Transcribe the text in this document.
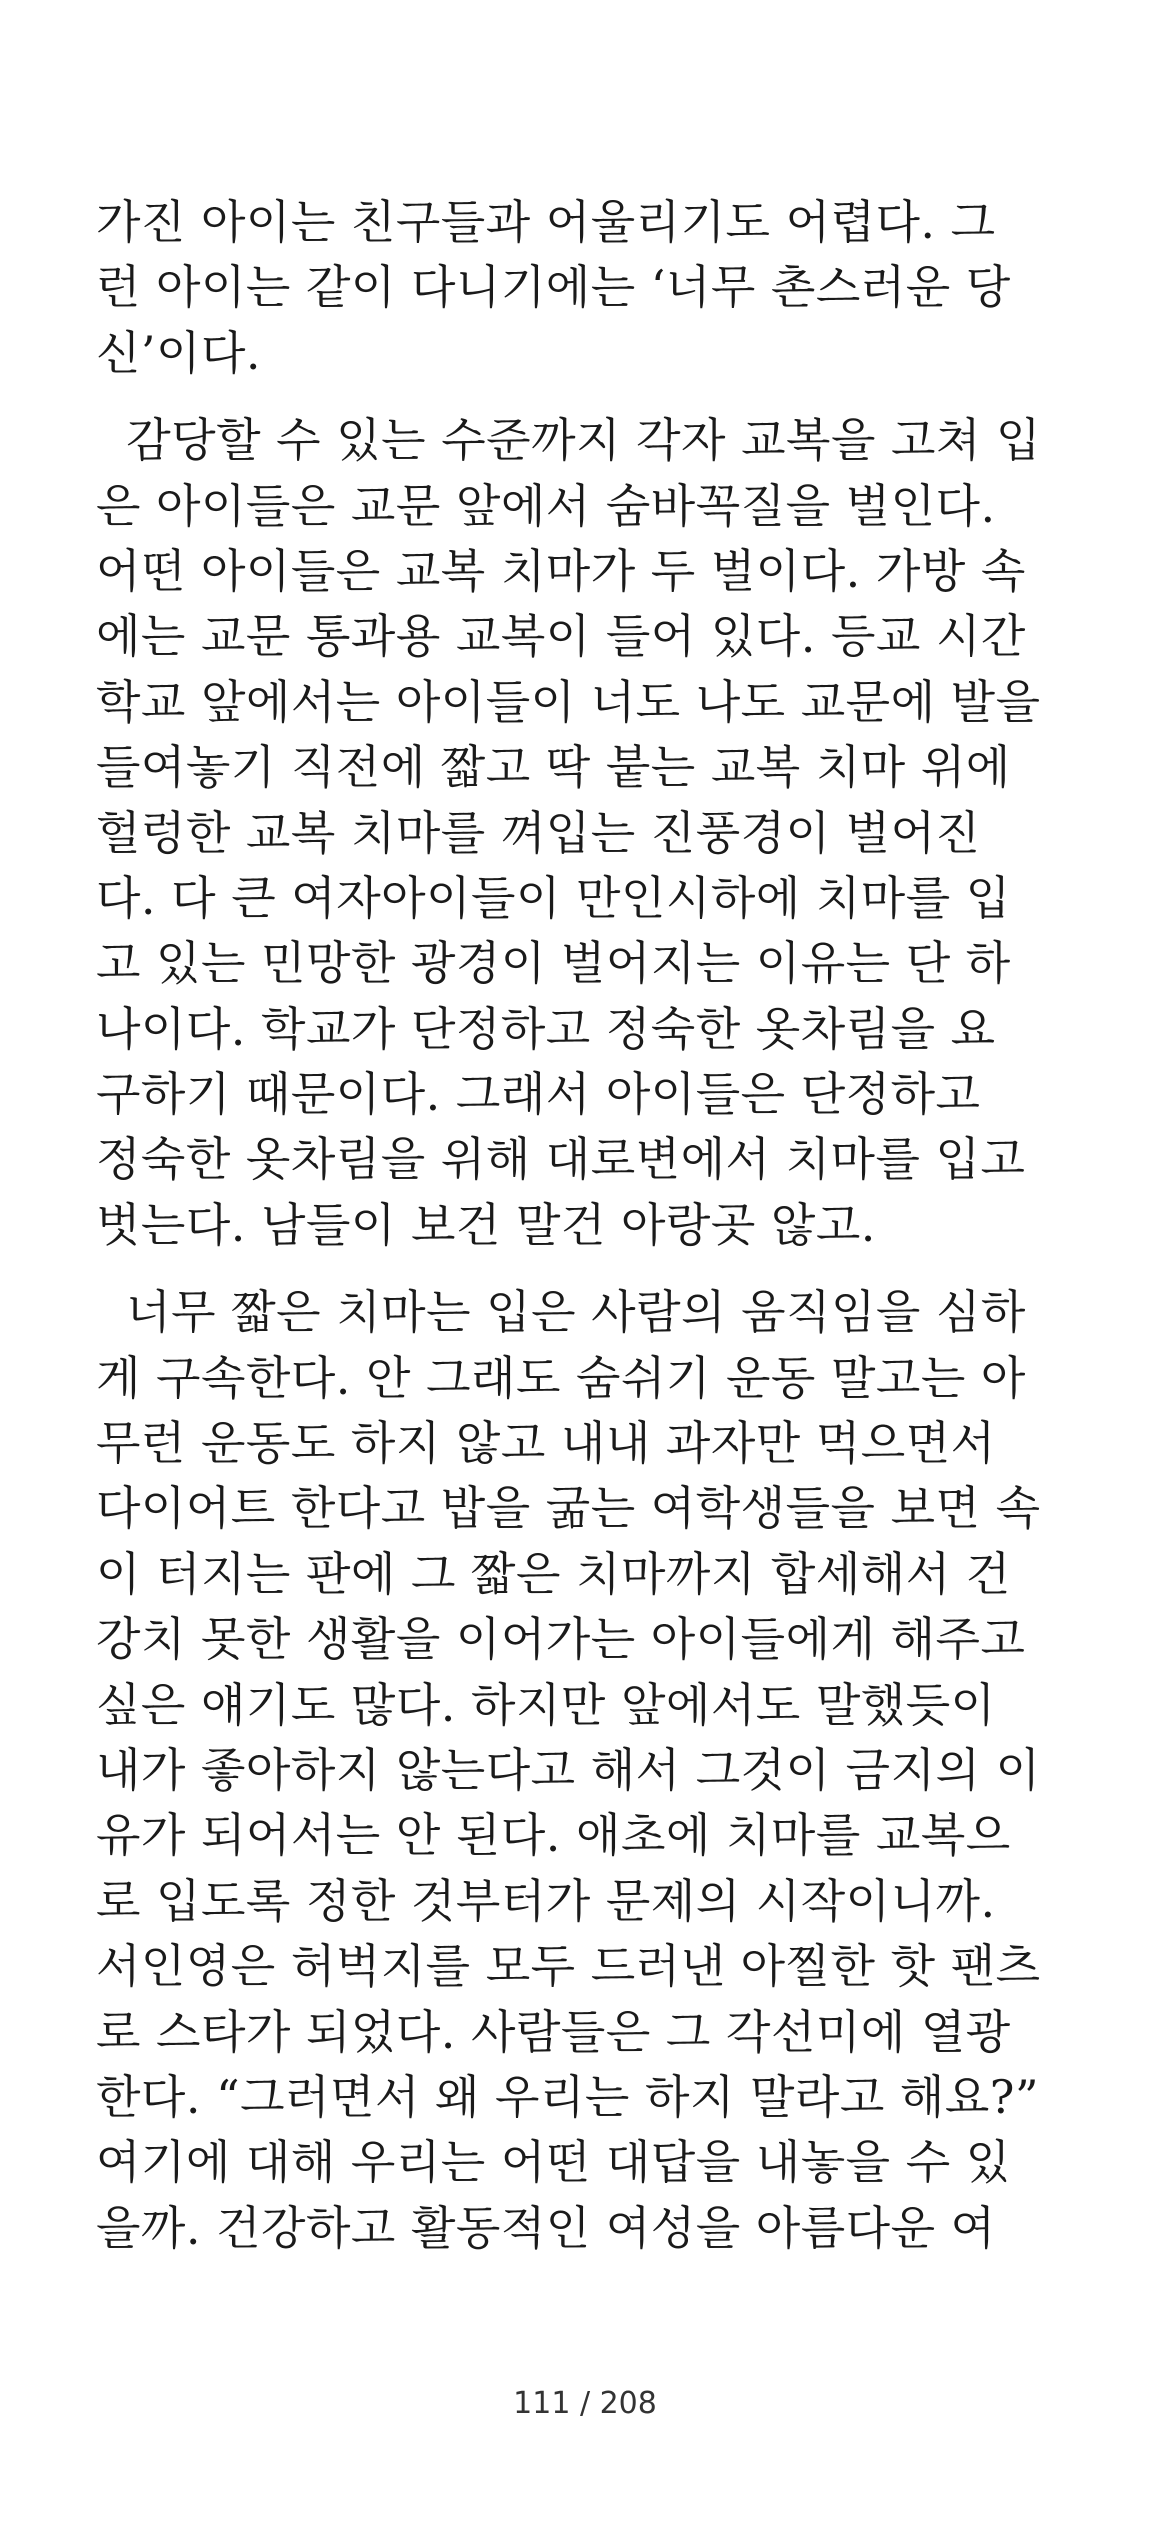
가진 아이는 친구들과 어울리기도 어렵다. 그
런 아이는 같이 다니기에는 ‘너무 촌스러운 당
신’이다.

감당할 수 있는 수준까지 각자 교복을 고쳐 입
은 아이들은 교문 앞에서 숨바꼭질을 벌인다.
어떤 아이들은 교복 치마가 두 벌이다. 가방 속
에는 교문 통과용 교복이 들어 있다. 등교 시간
학교 앞에서는 아이들이 너도 나도 교문에 발을
들여놓기 직전에 짧고 딱 붙는 교복 치마 위에
헐렁한 교복 치마를 껴입는 진풍경이 벌어진
다. 다 큰 여자아이들이 만인시하에 치마를 입
고 있는 민망한 광경이 벌어지는 이유는 단 하
나이다. 학교가 단정하고 정숙한 옷차림을 요
구하기 때문이다. 그래서 아이들은 단정하고
정숙한 옷차림을 위해 대로변에서 치마를 입고
벗는다. 남들이 보건 말건 아랑곳 않고.

너무 짧은 치마는 입은 사람의 움직임을 심하
게 구속한다. 안 그래도 숨쉬기 운동 말고는 아
무런 운동도 하지 않고 내내 과자만 먹으면서
다이어트 한다고 밥을 굶는 여학생들을 보면 속
이 터지는 판에 그 짧은 치마까지 합세해서 건
강치 못한 생활을 이어가는 아이들에게 해주고
싶은 얘기도 많다. 하지만 앞에서도 말했듯이
내가 좋아하지 않는다고 해서 그것이 금지의 이
유가 되어서는 안 된다. 애초에 치마를 교복으
로 입도록 정한 것부터가 문제의 시작이니까.
서인영은 허벅지를 모두 드러낸 아찔한 핫 팬츠
로 스타가 되었다. 사람들은 그 각선미에 열광
한다. “그러면서 왜 우리는 하지 말라고 해요?”
여기에 대해 우리는 어떤 대답을 내놓을 수 있
을까. 건강하고 활동적인 여성을 아름다운 여

111 / 208
